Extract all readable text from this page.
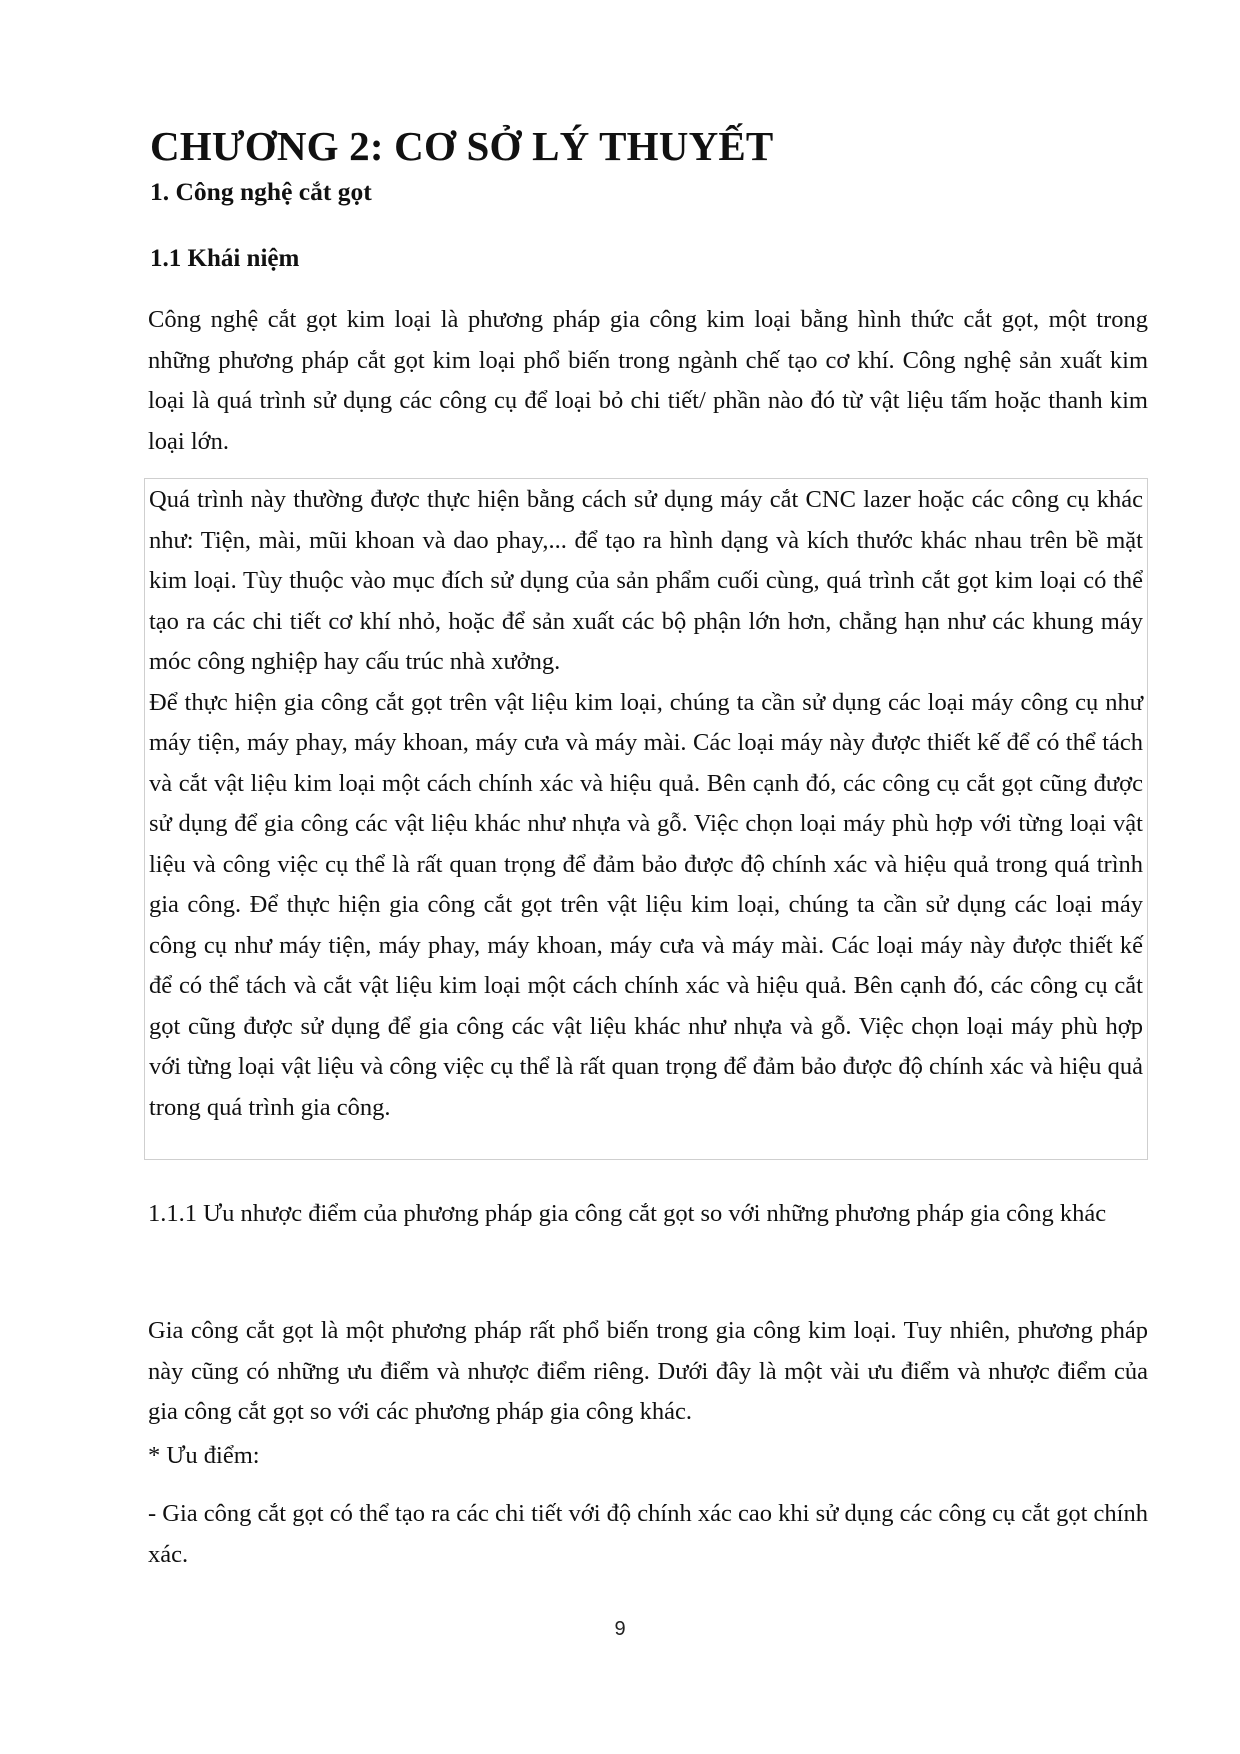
CHƯƠNG 2: CƠ SỞ LÝ THUYẾT
1. Công nghệ cắt gọt
1.1 Khái niệm

Công nghệ cắt gọt kim loại là phương pháp gia công kim loại bằng hình thức cắt gọt, một trong những phương pháp cắt gọt kim loại phổ biến trong ngành chế tạo cơ khí. Công nghệ sản xuất kim loại là quá trình sử dụng các công cụ để loại bỏ chi tiết/ phần nào đó từ vật liệu tấm hoặc thanh kim loại lớn.

Quá trình này thường được thực hiện bằng cách sử dụng máy cắt CNC lazer hoặc các công cụ khác như: Tiện, mài, mũi khoan và dao phay,... để tạo ra hình dạng và kích thước khác nhau trên bề mặt kim loại. Tùy thuộc vào mục đích sử dụng của sản phẩm cuối cùng, quá trình cắt gọt kim loại có thể tạo ra các chi tiết cơ khí nhỏ, hoặc để sản xuất các bộ phận lớn hơn, chẳng hạn như các khung máy móc công nghiệp hay cấu trúc nhà xưởng.

Để thực hiện gia công cắt gọt trên vật liệu kim loại, chúng ta cần sử dụng các loại máy công cụ như máy tiện, máy phay, máy khoan, máy cưa và máy mài. Các loại máy này được thiết kế để có thể tách và cắt vật liệu kim loại một cách chính xác và hiệu quả. Bên cạnh đó, các công cụ cắt gọt cũng được sử dụng để gia công các vật liệu khác như nhựa và gỗ. Việc chọn loại máy phù hợp với từng loại vật liệu và công việc cụ thể là rất quan trọng để đảm bảo được độ chính xác và hiệu quả trong quá trình gia công. Để thực hiện gia công cắt gọt trên vật liệu kim loại, chúng ta cần sử dụng các loại máy công cụ như máy tiện, máy phay, máy khoan, máy cưa và máy mài. Các loại máy này được thiết kế để có thể tách và cắt vật liệu kim loại một cách chính xác và hiệu quả. Bên cạnh đó, các công cụ cắt gọt cũng được sử dụng để gia công các vật liệu khác như nhựa và gỗ. Việc chọn loại máy phù hợp với từng loại vật liệu và công việc cụ thể là rất quan trọng để đảm bảo được độ chính xác và hiệu quả trong quá trình gia công.

1.1.1 Ưu nhược điểm của phương pháp gia công cắt gọt so với những phương pháp gia công khác

Gia công cắt gọt là một phương pháp rất phổ biến trong gia công kim loại. Tuy nhiên, phương pháp này cũng có những ưu điểm và nhược điểm riêng. Dưới đây là một vài ưu điểm và nhược điểm của gia công cắt gọt so với các phương pháp gia công khác.

* Ưu điểm:

- Gia công cắt gọt có thể tạo ra các chi tiết với độ chính xác cao khi sử dụng các công cụ cắt gọt chính xác.

9
